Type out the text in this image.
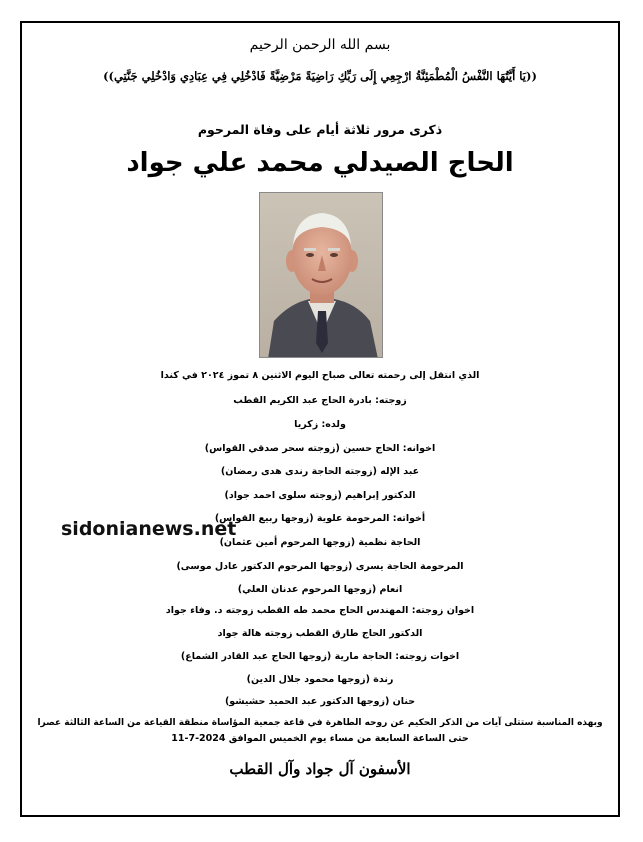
بسم الله الرحمن الرحيم
((يَا أَيَّتُهَا النَّفْسُ الْمُطْمَئِنَّةُ ارْجِعِي إِلَى رَبِّكِ رَاضِيَةً مَرْضِيَّةً فَادْخُلِي فِي عِبَادِي وَادْخُلِي جَنَّتِي))
ذكرى مرور ثلاثة أيام على وفاة المرحوم
الحاج الصيدلي محمد علي جواد
الذي انتقل إلى رحمته تعالى صباح اليوم الاثنين ٨ تموز ٢٠٢٤ في كندا
زوجته: بادرة الحاج عبد الكريم القطب
ولده: زكريا
اخوانه: الحاج حسين (زوجته سحر صدقي القواس)
عبد الإله (زوجته الحاجة رندى هدى رمضان)
الدكتور إبراهيم (زوجته سلوى احمد جواد)
أخواته: المرحومة علوية (زوجها ربيع القواس)
الحاجة نظمية (زوجها المرحوم أمين عثمان)
المرحومة الحاجة يسرى (زوجها المرحوم الدكتور عادل موسى)
انعام (زوجها المرحوم عدنان العلي)
اخوان زوجته: المهندس الحاج محمد طه القطب زوجته د. وفاء جواد
الدكتور الحاج طارق القطب زوجته هالة جواد
اخوات زوجته: الحاجة مارية (زوجها الحاج عبد القادر الشماع)
رندة (زوجها محمود جلال الدين)
حنان (زوجها الدكتور عبد الحميد حشيشو)
وبهذه المناسبة ستتلى آيات من الذكر الحكيم عن روحه الطاهرة في قاعة جمعية المؤاساة منطقة القياعة من الساعة الثالثة عصرا
حتى الساعة السابعة من مساء يوم الخميس الموافق 2024-7-11
sidonianews.net
الأسفون آل جواد وآل القطب
